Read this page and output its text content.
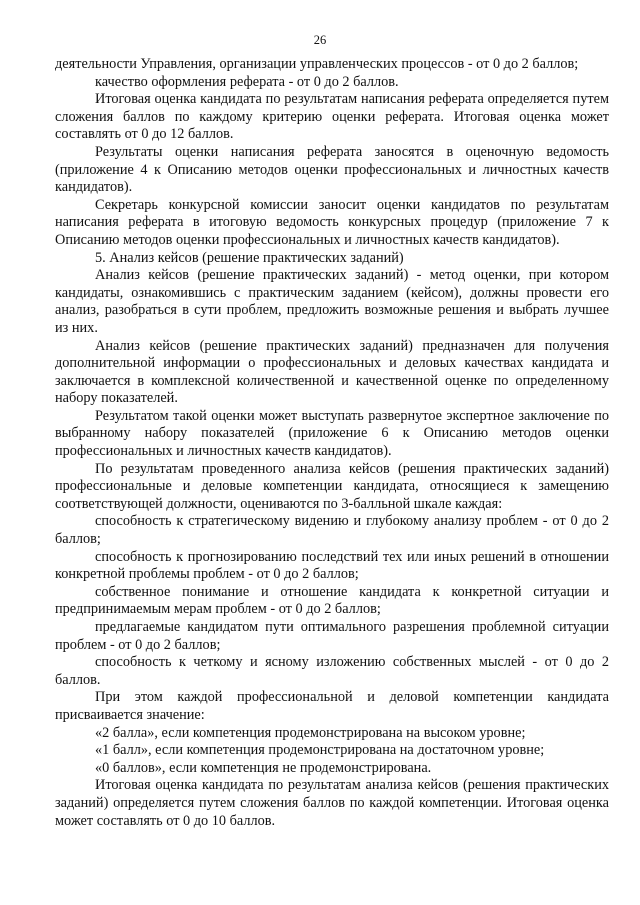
26

деятельности Управления, организации управленческих процессов - от 0 до 2 баллов;

качество оформления реферата - от 0 до 2 баллов.

Итоговая оценка кандидата по результатам написания реферата определяется путем сложения баллов по каждому критерию оценки реферата. Итоговая оценка может составлять от 0 до 12 баллов.

Результаты оценки написания реферата заносятся в оценочную ведомость (приложение 4 к Описанию методов оценки профессиональных и личностных качеств кандидатов).

Секретарь конкурсной комиссии заносит оценки кандидатов по результатам написания реферата в итоговую ведомость конкурсных процедур (приложение 7 к Описанию методов оценки профессиональных и личностных качеств кандидатов).

5. Анализ кейсов (решение практических заданий)

Анализ кейсов (решение практических заданий) - метод оценки, при котором кандидаты, ознакомившись с практическим заданием (кейсом), должны провести его анализ, разобраться в сути проблем, предложить возможные решения и выбрать лучшее из них.

Анализ кейсов (решение практических заданий) предназначен для получения дополнительной информации о профессиональных и деловых качествах кандидата и заключается в комплексной количественной и качественной оценке по определенному набору показателей.

Результатом такой оценки может выступать развернутое экспертное заключение по выбранному набору показателей (приложение 6 к Описанию методов оценки профессиональных и личностных качеств кандидатов).

По результатам проведенного анализа кейсов (решения практических заданий) профессиональные и деловые компетенции кандидата, относящиеся к замещению соответствующей должности, оцениваются по 3-балльной шкале каждая:

способность к стратегическому видению и глубокому анализу проблем - от 0 до 2 баллов;

способность к прогнозированию последствий тех или иных решений в отношении конкретной проблемы проблем - от 0 до 2 баллов;

собственное понимание и отношение кандидата к конкретной ситуации и предпринимаемым мерам проблем - от 0 до 2 баллов;

предлагаемые кандидатом пути оптимального разрешения проблемной ситуации проблем - от 0 до 2 баллов;

способность к четкому и ясному изложению собственных мыслей - от 0 до 2 баллов.

При этом каждой профессиональной и деловой компетенции кандидата присваивается значение:

«2 балла», если компетенция продемонстрирована на высоком уровне;

«1 балл», если компетенция продемонстрирована на достаточном уровне;

«0 баллов», если компетенция не продемонстрирована.

Итоговая оценка кандидата по результатам анализа кейсов (решения практических заданий) определяется путем сложения баллов по каждой компетенции. Итоговая оценка может составлять от 0 до 10 баллов.
